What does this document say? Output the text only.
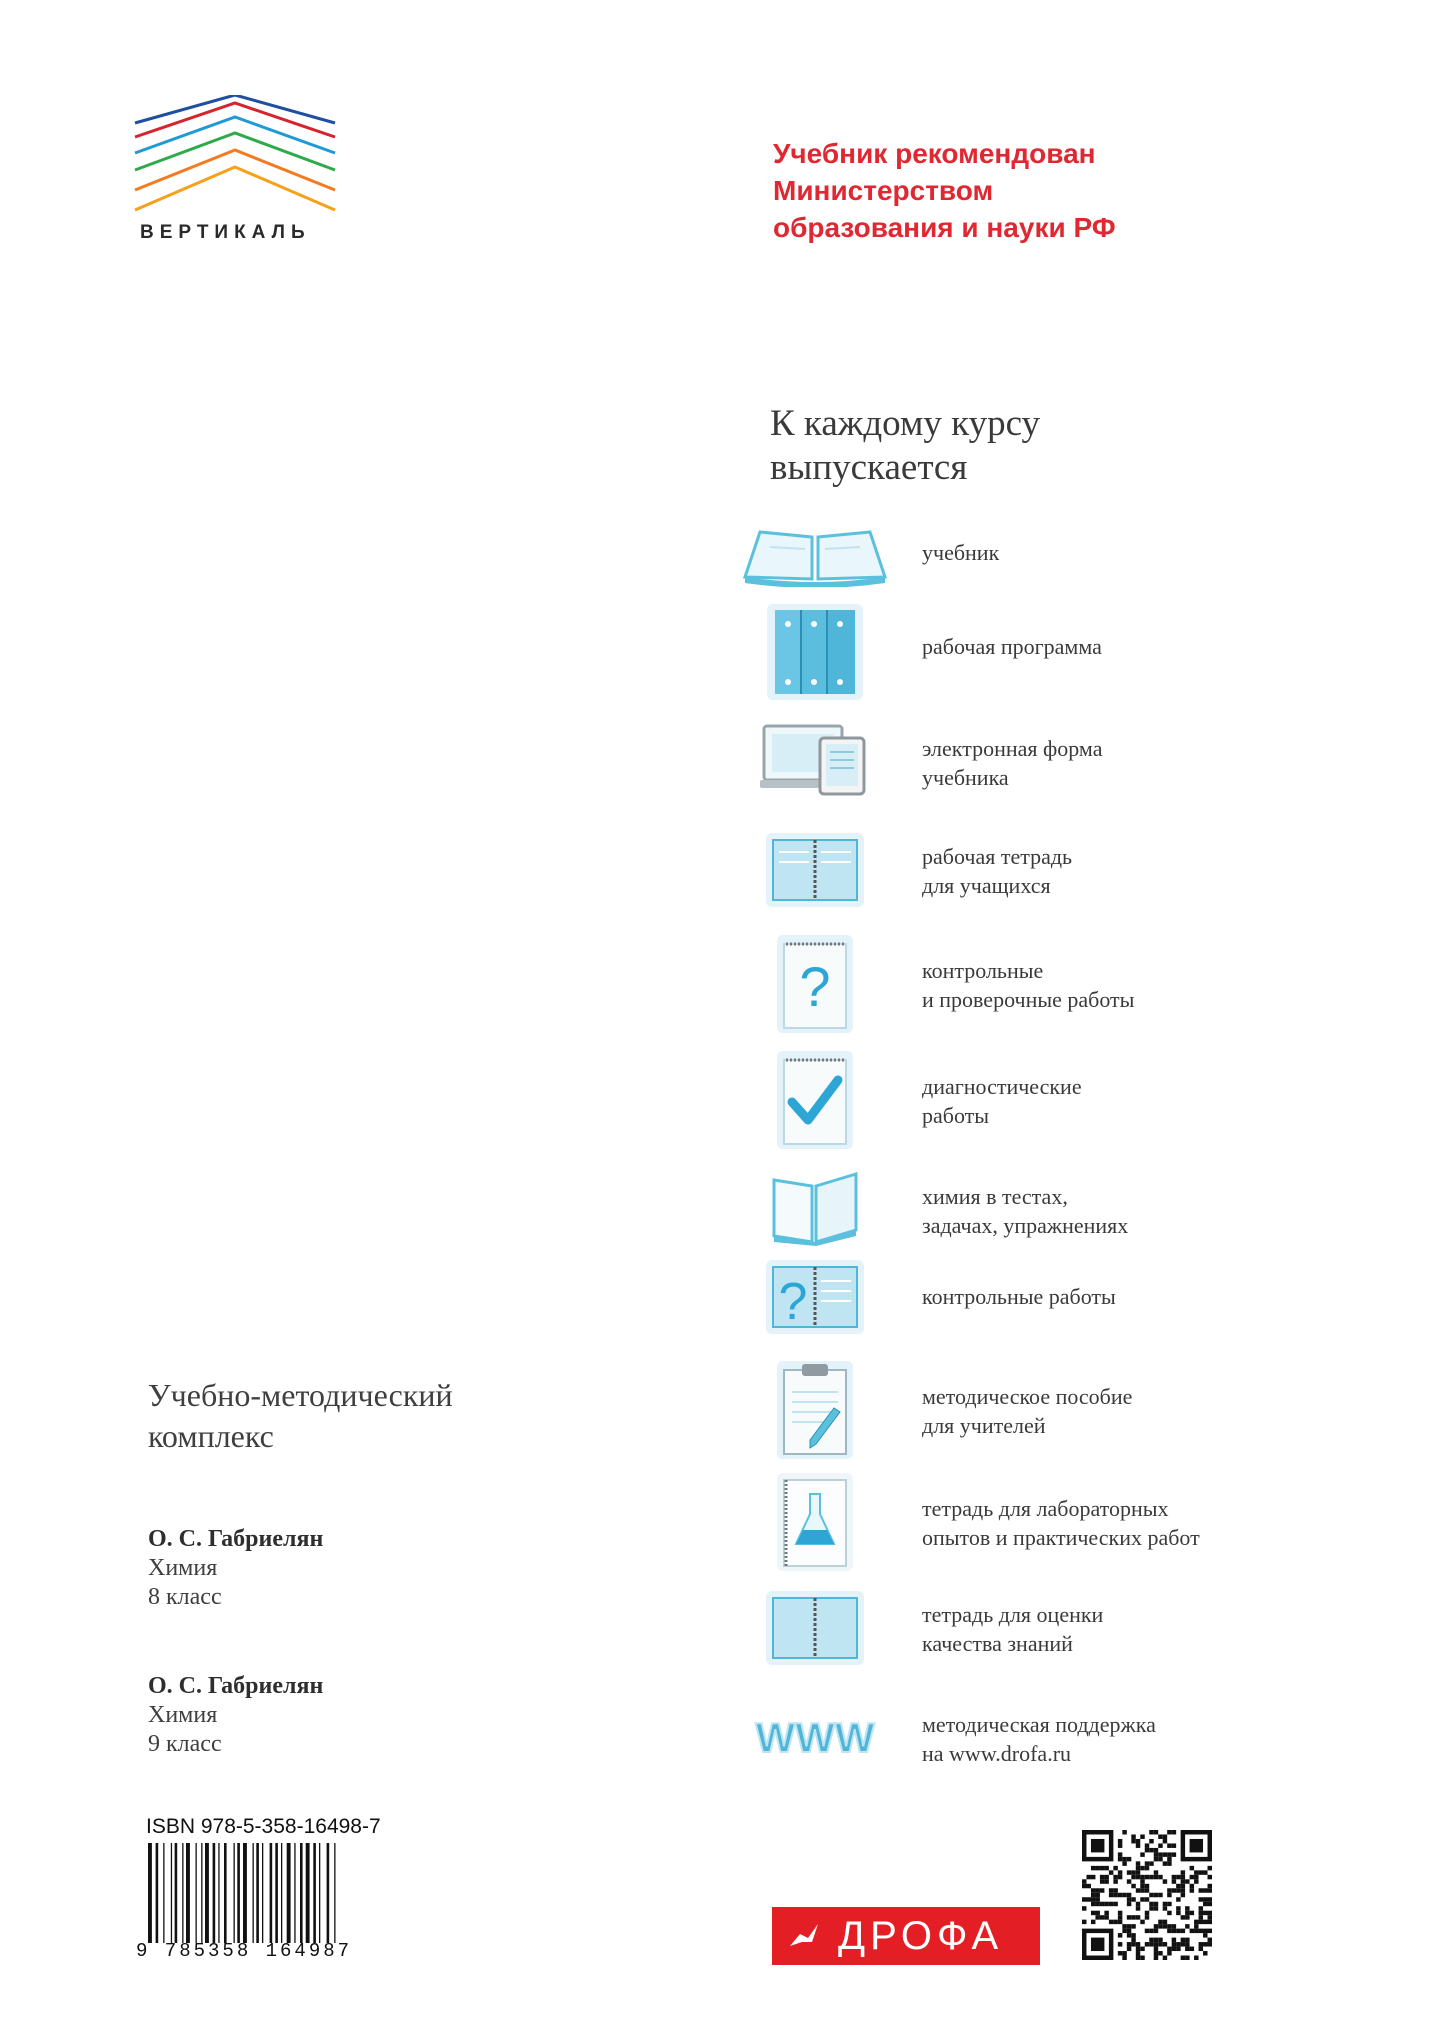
ВЕРТИКАЛЬ
Учебник рекомендован
Министерством
образования и науки РФ
К каждому курсу
выпускается
учебник
рабочая программа
электронная форма
учебника
рабочая тетрадь
для учащихся
?	контрольные
и проверочные работы
диагностические
работы
химия в тестах,
задачах, упражнениях
?	контрольные работы
методическое пособие
для учителей
тетрадь для лабораторных
опытов и практических работ
тетрадь для оценки
качества знаний
WWW методическая поддержка
на www.drofa.ru
Учебно-методический
комплекс
О. С. Габриелян
Химия
8 класс
О. С. Габриелян
Химия
9 класс
ISBN 978-5-358-16498-7
9 785358 164987	ДРОФА
